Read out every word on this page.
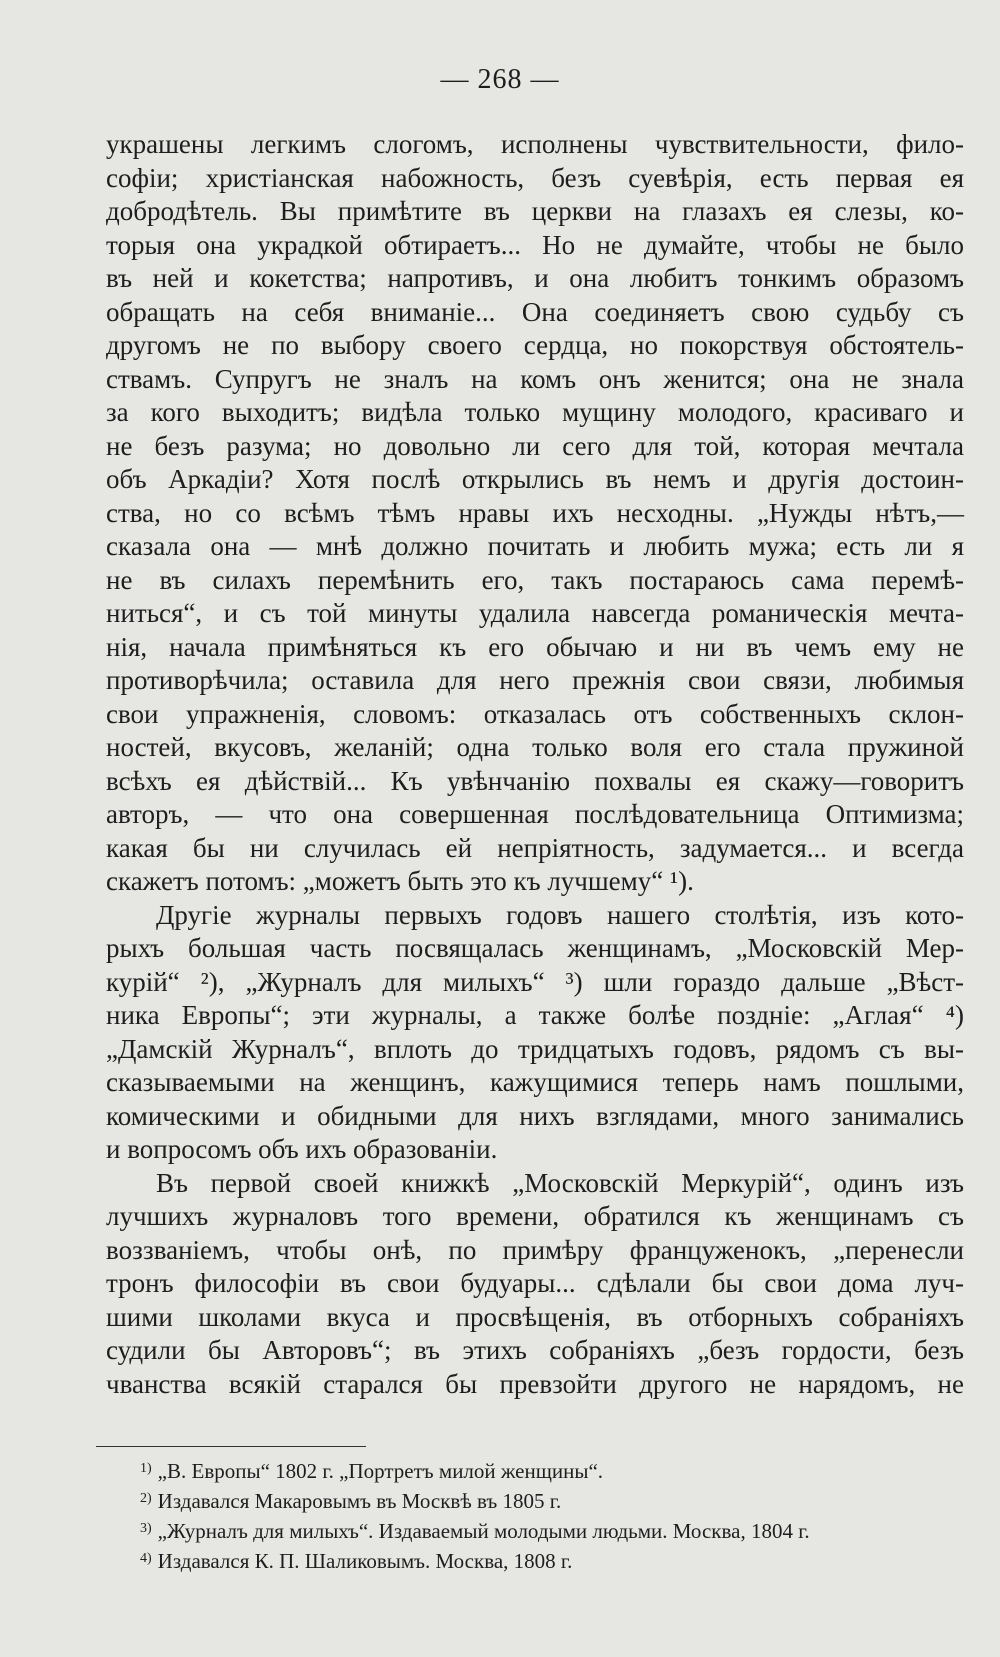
— 268 —
украшены легкимъ слогомъ, исполнены чувствительности, фило-
софіи; христіанская набожность, безъ суевѣрія, есть первая ея
добродѣтель. Вы примѣтите въ церкви на глазахъ ея слезы, ко-
торыя она украдкой обтираетъ... Но не думайте, чтобы не было
въ ней и кокетства; напротивъ, и она любитъ тонкимъ образомъ
обращать на себя вниманіе... Она соединяетъ свою судьбу съ
другомъ не по выбору своего сердца, но покорствуя обстоятель-
ствамъ. Супругъ не зналъ на комъ онъ женится; она не знала
за кого выходитъ; видѣла только мущину молодого, красиваго и
не безъ разума; но довольно ли сего для той, которая мечтала
объ Аркадіи? Хотя послѣ открылись въ немъ и другія достоин-
ства, но со всѣмъ тѣмъ нравы ихъ несходны. „Нужды нѣтъ,—
сказала она — мнѣ должно почитать и любить мужа; есть ли я
не въ силахъ перемѣнить его, такъ постараюсь сама перемѣ-
ниться“, и съ той минуты удалила навсегда романическія мечта-
нія, начала примѣняться къ его обычаю и ни въ чемъ ему не
противорѣчила; оставила для него прежнія свои связи, любимыя
свои упражненія, словомъ: отказалась отъ собственныхъ склон-
ностей, вкусовъ, желаній; одна только воля его стала пружиной
всѣхъ ея дѣйствій... Къ увѣнчанію похвалы ея скажу—говоритъ
авторъ, — что она совершенная послѣдовательница Оптимизма;
какая бы ни случилась ей непріятность, задумается... и всегда
скажетъ потомъ: „можетъ быть это къ лучшему“ ¹).
Другіе журналы первыхъ годовъ нашего столѣтія, изъ кото-
рыхъ большая часть посвящалась женщинамъ, „Московскій Мер-
курій“ ²), „Журналъ для милыхъ“ ³) шли гораздо дальше „Вѣст-
ника Европы“; эти журналы, а также болѣе поздніе: „Аглая“ ⁴)
„Дамскій Журналъ“, вплоть до тридцатыхъ годовъ, рядомъ съ вы-
сказываемыми на женщинъ, кажущимися теперь намъ пошлыми,
комическими и обидными для нихъ взглядами, много занимались
и вопросомъ объ ихъ образованіи.
Въ первой своей книжкѣ „Московскій Меркурій“, одинъ изъ
лучшихъ журналовъ того времени, обратился къ женщинамъ съ
воззваніемъ, чтобы онѣ, по примѣру француженокъ, „перенесли
тронъ философіи въ свои будуары... сдѣлали бы свои дома луч-
шими школами вкуса и просвѣщенія, въ отборныхъ собраніяхъ
судили бы Авторовъ“; въ этихъ собраніяхъ „безъ гордости, безъ
чванства всякій старался бы превзойти другого не нарядомъ, не
$^{1)}$ „В. Европы“ 1802 г. „Портретъ милой женщины“.
$^{2)}$ Издавался Макаровымъ въ Москвѣ въ 1805 г.
$^{3)}$ „Журналъ для милыхъ“. Издаваемый молодыми людьми. Москва, 1804 г.
$^{4)}$ Издавался К. П. Шаликовымъ. Москва, 1808 г.
